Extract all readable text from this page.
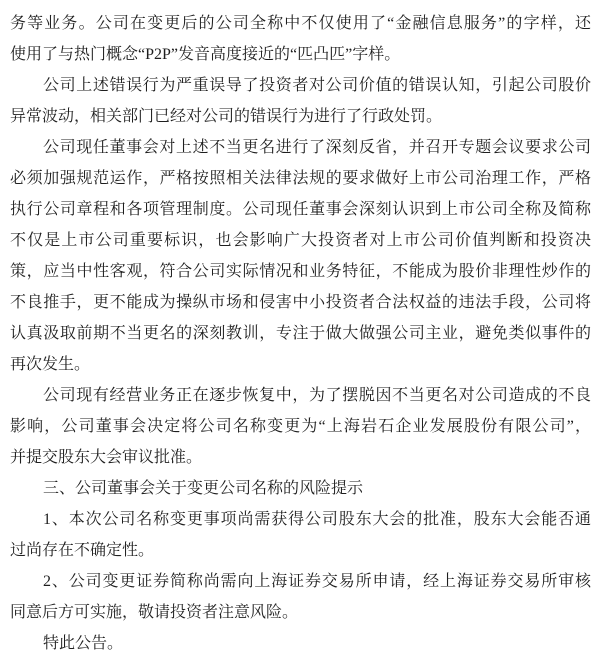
务等业务。公司在变更后的公司全称中不仅使用了“金融信息服务”的字样，还
使用了与热门概念“P2P”发音高度接近的“匹凸匹”字样。
公司上述错误行为严重误导了投资者对公司价值的错误认知，引起公司股价
异常波动，相关部门已经对公司的错误行为进行了行政处罚。
公司现任董事会对上述不当更名进行了深刻反省，并召开专题会议要求公司
必须加强规范运作，严格按照相关法律法规的要求做好上市公司治理工作，严格
执行公司章程和各项管理制度。公司现任董事会深刻认识到上市公司全称及简称
不仅是上市公司重要标识，也会影响广大投资者对上市公司价值判断和投资决
策，应当中性客观，符合公司实际情况和业务特征，不能成为股价非理性炒作的
不良推手，更不能成为操纵市场和侵害中小投资者合法权益的违法手段，公司将
认真汲取前期不当更名的深刻教训，专注于做大做强公司主业，避免类似事件的
再次发生。
公司现有经营业务正在逐步恢复中，为了摆脱因不当更名对公司造成的不良
影响，公司董事会决定将公司名称变更为“上海岩石企业发展股份有限公司”，
并提交股东大会审议批准。
三、公司董事会关于变更公司名称的风险提示
1、本次公司名称变更事项尚需获得公司股东大会的批准，股东大会能否通
过尚存在不确定性。
2、公司变更证券简称尚需向上海证券交易所申请，经上海证券交易所审核
同意后方可实施，敬请投资者注意风险。
特此公告。
